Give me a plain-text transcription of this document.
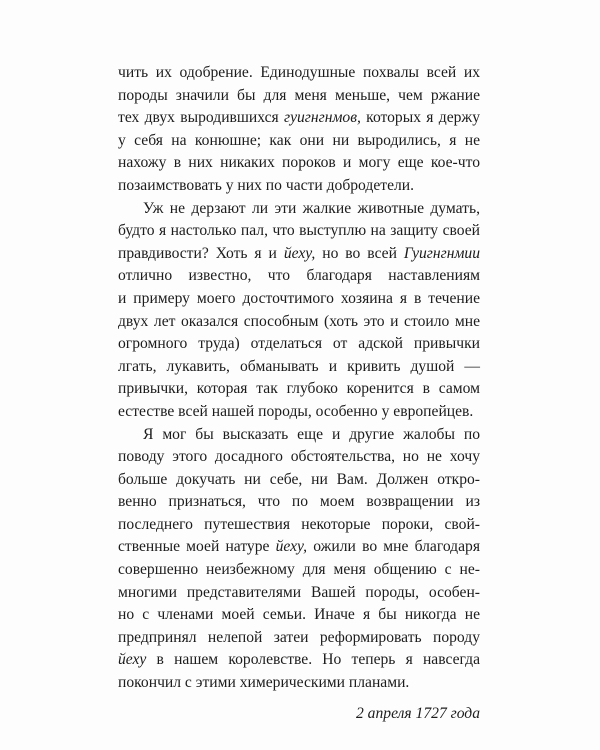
чить их одобрение. Единодушные похвалы всей их
породы значили бы для меня меньше, чем ржание
тех двух выродившихся гуигнгнмов, которых я держу
у себя на конюшне; как они ни выродились, я не
нахожу в них никаких пороков и могу еще кое-что
позаимствовать у них по части добродетели.
Уж не дерзают ли эти жалкие животные думать,
будто я настолько пал, что выступлю на защиту своей
правдивости? Хоть я и йеху, но во всей Гуигнгнмии
отлично известно, что благодаря наставлениям
и примеру моего досточтимого хозяина я в течение
двух лет оказался способным (хоть это и стоило мне
огромного труда) отделаться от адской привычки
лгать, лукавить, обманывать и кривить душой —
привычки, которая так глубоко коренится в самом
естестве всей нашей породы, особенно у европейцев.
Я мог бы высказать еще и другие жалобы по
поводу этого досадного обстоятельства, но не хочу
больше докучать ни себе, ни Вам. Должен откро-
венно признаться, что по моем возвращении из
последнего путешествия некоторые пороки, свой-
ственные моей натуре йеху, ожили во мне благодаря
совершенно неизбежному для меня общению с не-
многими представителями Вашей породы, особен-
но с членами моей семьи. Иначе я бы никогда не
предпринял нелепой затеи реформировать породу
йеху в нашем королевстве. Но теперь я навсегда
покончил с этими химерическими планами.
2 апреля 1727 года
